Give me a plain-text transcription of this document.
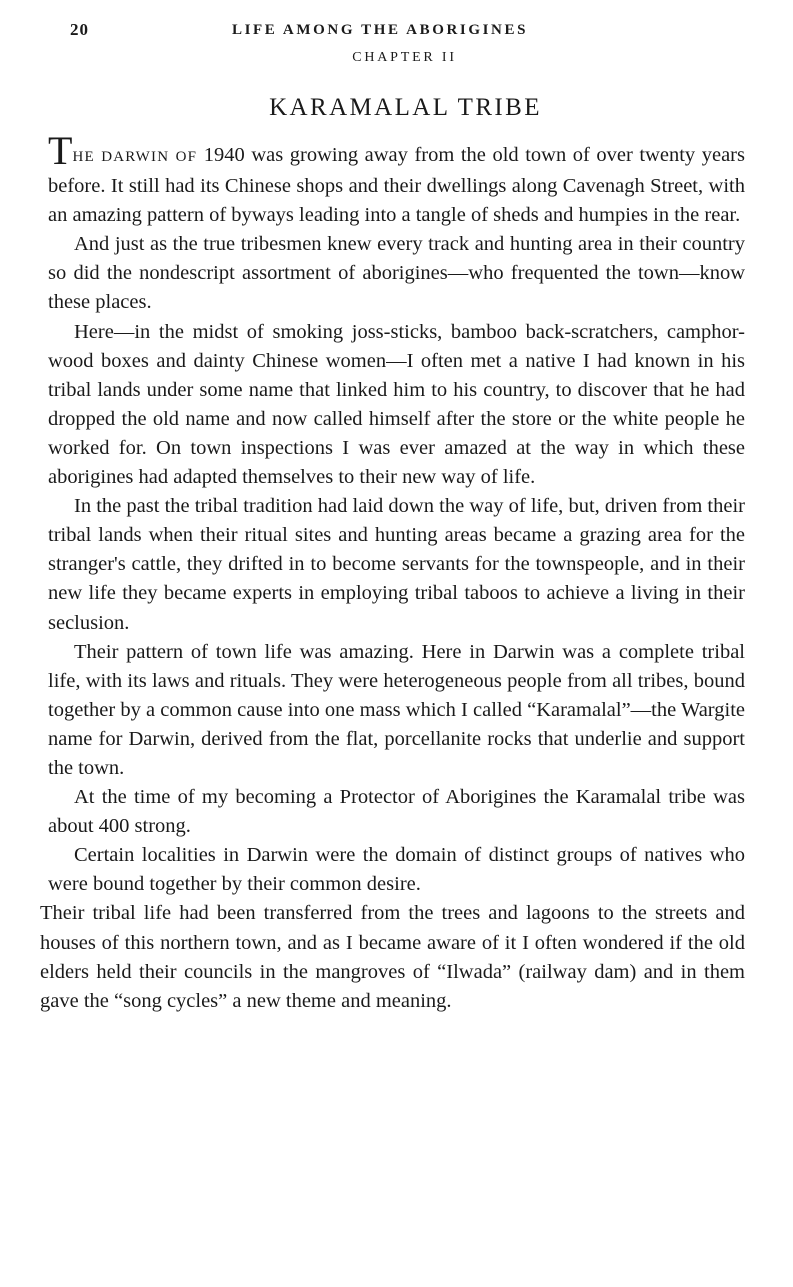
20	LIFE AMONG THE ABORIGINES
CHAPTER II
KARAMALAL TRIBE

THE DARWIN OF 1940 was growing away from the old town of over twenty years before. It still had its Chinese shops and their dwellings along Cavenagh Street, with an amazing pattern of byways leading into a tangle of sheds and humpies in the rear.

And just as the true tribesmen knew every track and hunting area in their country so did the nondescript assortment of aborigines—who frequented the town—know these places.

Here—in the midst of smoking joss-sticks, bamboo back-scratchers, camphor-wood boxes and dainty Chinese women—I often met a native I had known in his tribal lands under some name that linked him to his country, to discover that he had dropped the old name and now called himself after the store or the white people he worked for. On town inspections I was ever amazed at the way in which these aborigines had adapted themselves to their new way of life.

In the past the tribal tradition had laid down the way of life, but, driven from their tribal lands when their ritual sites and hunting areas became a grazing area for the stranger's cattle, they drifted in to become servants for the townspeople, and in their new life they became experts in employing tribal taboos to achieve a living in their seclusion.

Their pattern of town life was amazing. Here in Darwin was a complete tribal life, with its laws and rituals. They were heterogeneous people from all tribes, bound together by a common cause into one mass which I called “Karamalal”—the Wargite name for Darwin, derived from the flat, porcellanite rocks that underlie and support the town.

At the time of my becoming a Protector of Aborigines the Karamalal tribe was about 400 strong.

Certain localities in Darwin were the domain of distinct groups of natives who were bound together by their common desire.

Their tribal life had been transferred from the trees and lagoons to the streets and houses of this northern town, and as I became aware of it I often wondered if the old elders held their councils in the mangroves of “Ilwada” (railway dam) and in them gave the “song cycles” a new theme and meaning.
